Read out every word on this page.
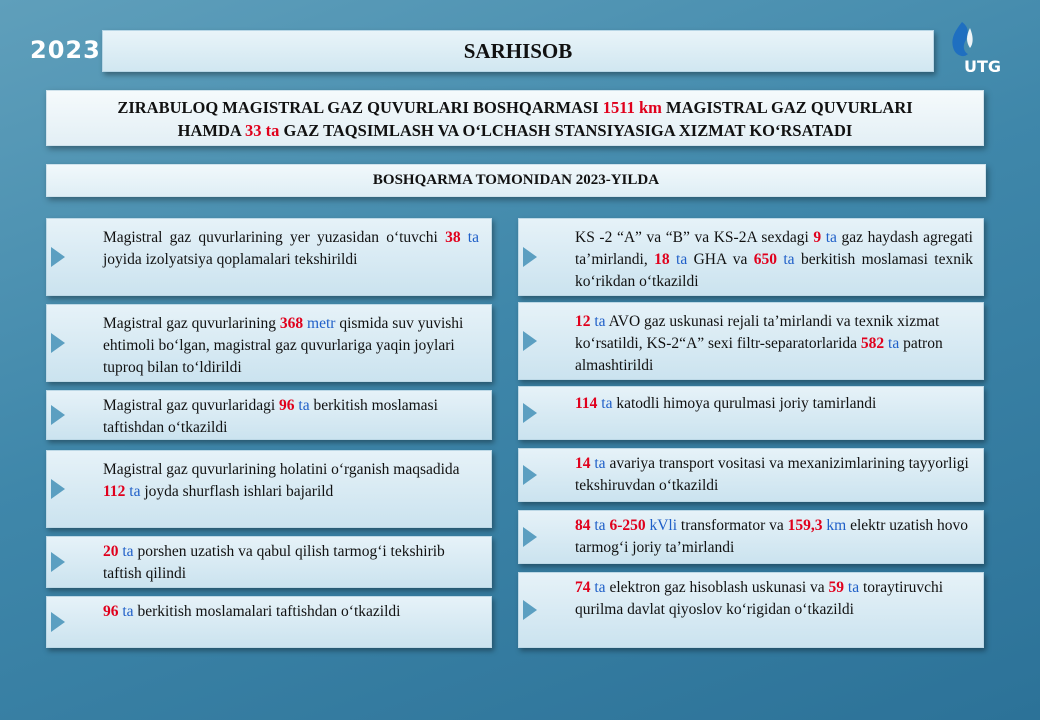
2023	SARHISOB
UTG
ZIRABULOQ MAGISTRAL GAZ QUVURLARI BOSHQARMASI 1511 km MAGISTRAL GAZ QUVURLARI
HAMDA 33 ta GAZ TAQSIMLASH VA O‘LCHASH STANSIYASIGA XIZMAT KO‘RSATADI
BOSHQARMA TOMONIDAN 2023-YILDA
Magistral gaz quvurlarining yer yuzasidan o‘tuvchi 38 ta joyida izolyatsiya qoplamalari tekshirildi
Magistral gaz quvurlarining 368 metr qismida suv yuvishi ehtimoli bo‘lgan, magistral gaz quvurlariga yaqin joylari tuproq bilan to‘ldirildi
Magistral gaz quvurlaridagi 96 ta berkitish moslamasi taftishdan o‘tkazildi
Magistral gaz quvurlarining holatini o‘rganish maqsadida 112 ta joyda shurflash ishlari bajarild
20 ta porshen uzatish va qabul qilish tarmog‘i tekshirib taftish qilindi
96 ta berkitish moslamalari taftishdan o‘tkazildi
KS -2 “A” va “B” va KS-2A sexdagi 9 ta gaz haydash agregati ta’mirlandi, 18 ta GHA va 650 ta berkitish moslamasi texnik ko‘rikdan o‘tkazildi
12 ta AVO gaz uskunasi rejali ta’mirlandi va texnik xizmat ko‘rsatildi, KS-2“A” sexi filtr-separatorlarida 582 ta patron almashtirildi
114 ta katodli himoya qurulmasi joriy tamirlandi
14 ta avariya transport vositasi va mexanizimlarining tayyorligi tekshiruvdan o‘tkazildi
84 ta 6-250 kVli transformator va 159,3 km elektr uzatish hovo tarmog‘i joriy ta’mirlandi
74 ta elektron gaz hisoblash uskunasi va 59 ta toraytiruvchi qurilma davlat qiyoslov ko‘rigidan o‘tkazildi
